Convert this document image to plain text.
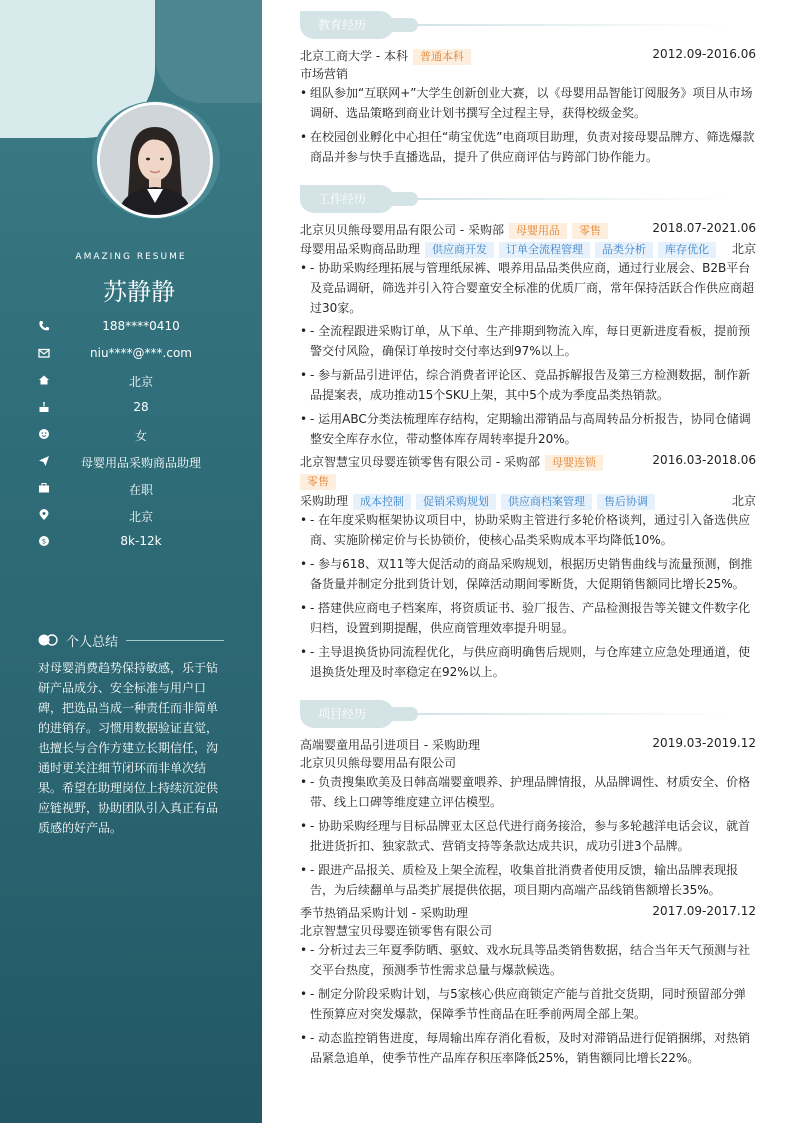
AMAZING RESUME
苏静静
188****0410
niu****@***.com
北京
28
女
母婴用品采购商品助理
在职
北京
$	8k-12k
个人总结
对母婴消费趋势保持敏感，乐于钻研产品成分、安全标准与用户口碑，把选品当成一种责任而非简单的进销存。习惯用数据验证直觉，也擅长与合作方建立长期信任，沟通时更关注细节闭环而非单次结果。希望在助理岗位上持续沉淀供应链视野，协助团队引入真正有品质感的好产品。
教育经历
北京工商大学 - 本科 普通本科	2012.09-2016.06
市场营销
• 组队参加“互联网+”大学生创新创业大赛，以《母婴用品智能订阅服务》项目从市场调研、选品策略到商业计划书撰写全过程主导，获得校级金奖。
• 在校园创业孵化中心担任“萌宝优选”电商项目助理，负责对接母婴品牌方、筛选爆款商品并参与快手直播选品，提升了供应商评估与跨部门协作能力。
工作经历
北京贝贝熊母婴用品有限公司 - 采购部 母婴用品 零售	2018.07-2021.06
母婴用品采购商品助理 供应商开发 订单全流程管理 品类分析 库存优化	北京
• - 协助采购经理拓展与管理纸尿裤、喂养用品品类供应商，通过行业展会、B2B平台及竞品调研，筛选并引入符合婴童安全标准的优质厂商，常年保持活跃合作供应商超过30家。
• - 全流程跟进采购订单，从下单、生产排期到物流入库，每日更新进度看板，提前预警交付风险，确保订单按时交付率达到97%以上。
• - 参与新品引进评估，综合消费者评论区、竞品拆解报告及第三方检测数据，制作新品提案表，成功推动15个SKU上架，其中5个成为季度品类热销款。
• - 运用ABC分类法梳理库存结构，定期输出滞销品与高周转品分析报告，协同仓储调整安全库存水位，带动整体库存周转率提升20%。
北京智慧宝贝母婴连锁零售有限公司 - 采购部 母婴连锁	2016.03-2018.06
零售
采购助理 成本控制 促销采购规划 供应商档案管理 售后协调	北京
• - 在年度采购框架协议项目中，协助采购主管进行多轮价格谈判，通过引入备选供应商、实施阶梯定价与长协锁价，使核心品类采购成本平均降低10%。
• - 参与618、双11等大促活动的商品采购规划，根据历史销售曲线与流量预测，倒推备货量并制定分批到货计划，保障活动期间零断货，大促期销售额同比增长25%。
• - 搭建供应商电子档案库，将资质证书、验厂报告、产品检测报告等关键文件数字化归档，设置到期提醒，供应商管理效率提升明显。
• - 主导退换货协同流程优化，与供应商明确售后规则，与仓库建立应急处理通道，使退换货处理及时率稳定在92%以上。
项目经历
高端婴童用品引进项目 - 采购助理	2019.03-2019.12
北京贝贝熊母婴用品有限公司
• - 负责搜集欧美及日韩高端婴童喂养、护理品牌情报，从品牌调性、材质安全、价格带、线上口碑等维度建立评估模型。
• - 协助采购经理与目标品牌亚太区总代进行商务接洽，参与多轮越洋电话会议，就首批进货折扣、独家款式、营销支持等条款达成共识，成功引进3个品牌。
• - 跟进产品报关、质检及上架全流程，收集首批消费者使用反馈，输出品牌表现报告，为后续翻单与品类扩展提供依据，项目期内高端产品线销售额增长35%。
季节热销品采购计划 - 采购助理	2017.09-2017.12
北京智慧宝贝母婴连锁零售有限公司
• - 分析过去三年夏季防晒、驱蚊、戏水玩具等品类销售数据，结合当年天气预测与社交平台热度，预测季节性需求总量与爆款候选。
• - 制定分阶段采购计划，与5家核心供应商锁定产能与首批交货期，同时预留部分弹性预算应对突发爆款，保障季节性商品在旺季前两周全部上架。
• - 动态监控销售进度，每周输出库存消化看板，及时对滞销品进行促销捆绑，对热销品紧急追单，使季节性产品库存积压率降低25%，销售额同比增长22%。
